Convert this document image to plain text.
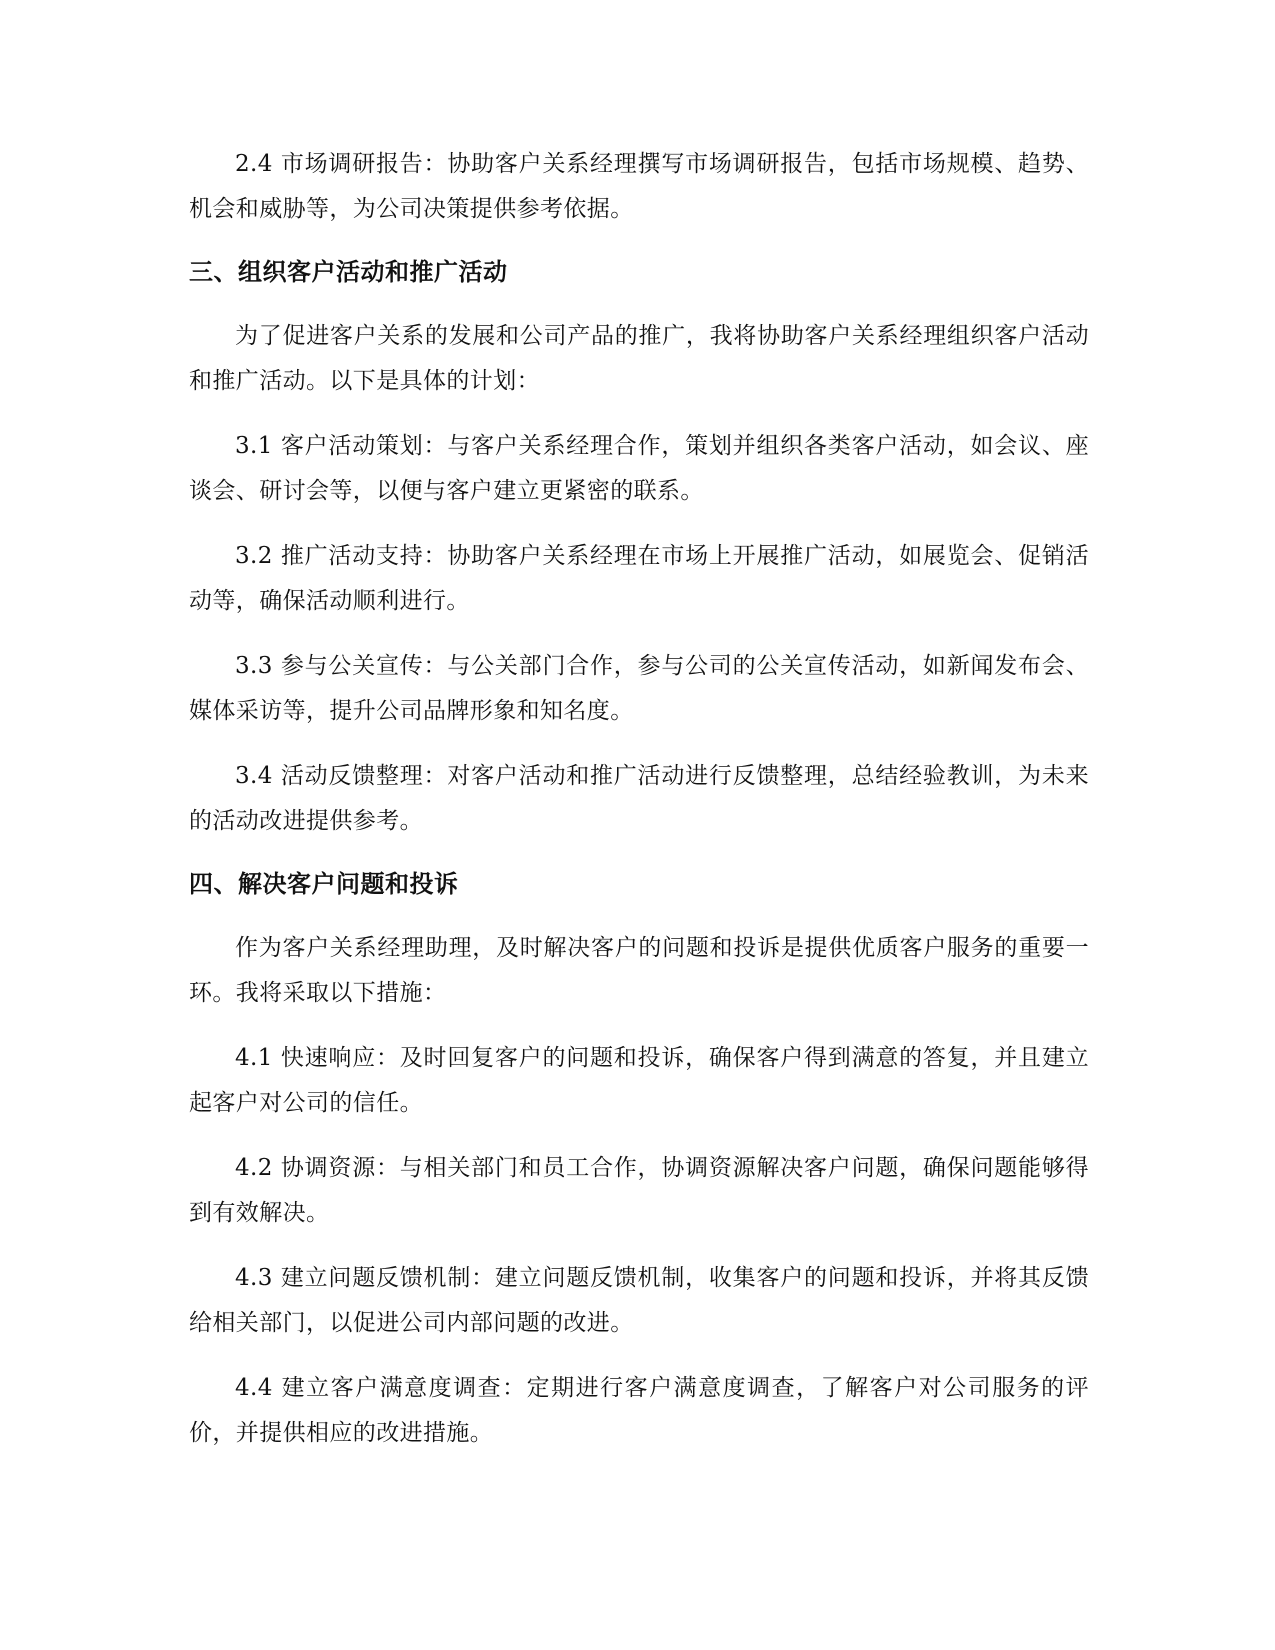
2.4 市场调研报告：协助客户关系经理撰写市场调研报告，包括市场规模、趋势、机会和威胁等，为公司决策提供参考依据。

三、组织客户活动和推广活动

为了促进客户关系的发展和公司产品的推广，我将协助客户关系经理组织客户活动和推广活动。以下是具体的计划：

3.1 客户活动策划：与客户关系经理合作，策划并组织各类客户活动，如会议、座谈会、研讨会等，以便与客户建立更紧密的联系。

3.2 推广活动支持：协助客户关系经理在市场上开展推广活动，如展览会、促销活动等，确保活动顺利进行。

3.3 参与公关宣传：与公关部门合作，参与公司的公关宣传活动，如新闻发布会、媒体采访等，提升公司品牌形象和知名度。

3.4 活动反馈整理：对客户活动和推广活动进行反馈整理，总结经验教训，为未来的活动改进提供参考。

四、解决客户问题和投诉

作为客户关系经理助理，及时解决客户的问题和投诉是提供优质客户服务的重要一环。我将采取以下措施：

4.1 快速响应：及时回复客户的问题和投诉，确保客户得到满意的答复，并且建立起客户对公司的信任。

4.2 协调资源：与相关部门和员工合作，协调资源解决客户问题，确保问题能够得到有效解决。

4.3 建立问题反馈机制：建立问题反馈机制，收集客户的问题和投诉，并将其反馈给相关部门，以促进公司内部问题的改进。

4.4 建立客户满意度调查：定期进行客户满意度调查，了解客户对公司服务的评价，并提供相应的改进措施。
